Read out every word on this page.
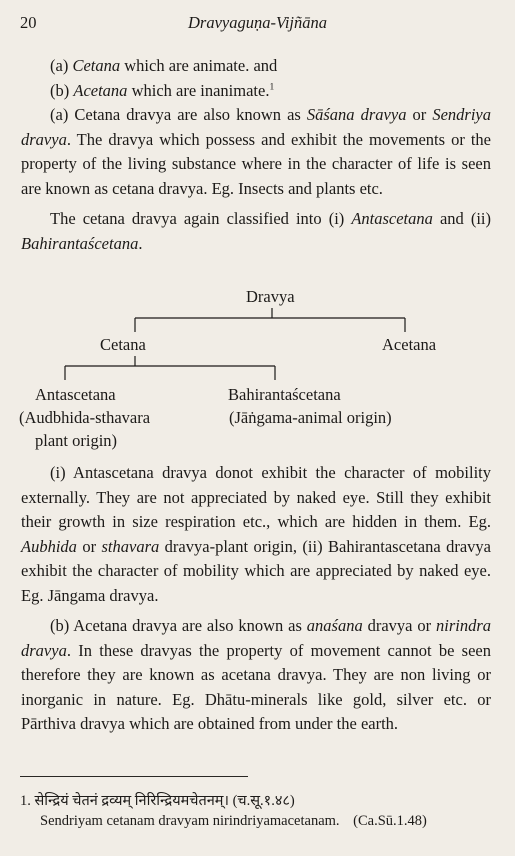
20	Dravyaguṇa-Vijñāna

(a) Cetana which are animate. and

(b) Acetana which are inanimate.$^1$

(a) Cetana dravya are also known as Sāśana dravya or Sendriya dravya. The dravya which possess and exhibit the movements or the property of the living substance where in the character of life is seen are known as cetana dravya. Eg. Insects and plants etc.

The cetana dravya again classified into (i) Antascetana and (ii) Bahirantaścetana.

Dravya
Cetana	Acetana
Antascetana
(Audbhida-sthavara
plant origin)
Bahirantaścetana
(Jāṅgama-animal origin)

(i) Antascetana dravya donot exhibit the character of mobility externally. They are not appreciated by naked eye. Still they exhibit their growth in size respiration etc., which are hidden in them. Eg. Aubhida or sthavara dravya-plant origin, (ii) Bahirantascetana dravya exhibit the character of mobility which are appreciated by naked eye. Eg. Jāngama dravya.

(b) Acetana dravya are also known as anaśana dravya or nirindra dravya. In these dravyas the property of movement cannot be seen therefore they are known as acetana dravya. They are non living or inorganic in nature. Eg. Dhātu-minerals like gold, silver etc. or Pārthiva dravya which are obtained from under the earth.

1. सेन्द्रियं चेतनं द्रव्यम् निरिन्द्रियमचेतनम्। (च.सू.१.४८)
Sendriyam cetanam dravyam nirindriyamacetanam. (Ca.Sū.1.48)
